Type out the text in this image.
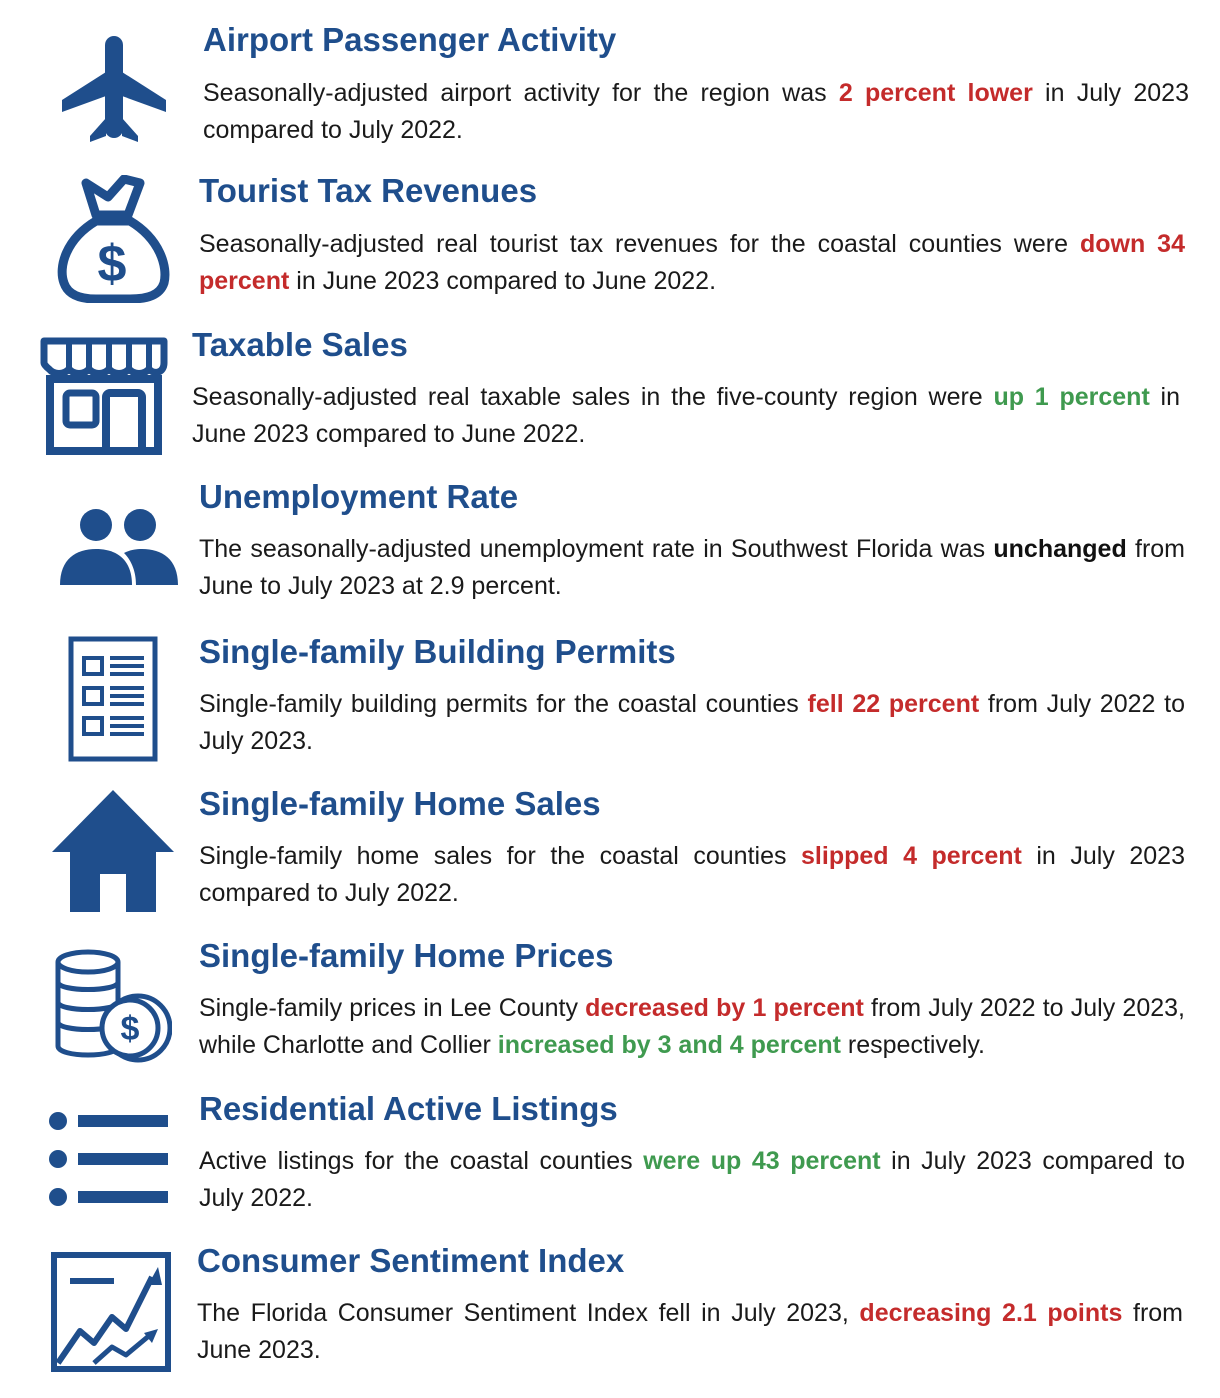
Airport Passenger Activity

Seasonally-adjusted airport activity for the region was 2 percent lower in July 2023 compared to July 2022.

$
Tourist Tax Revenues

Seasonally-adjusted real tourist tax revenues for the coastal counties were down 34 percent in June 2023 compared to June 2022.

Taxable Sales

Seasonally-adjusted real taxable sales in the five-county region were up 1 percent in June 2023 compared to June 2022.

Unemployment Rate

The seasonally-adjusted unemployment rate in Southwest Florida was unchanged from June to July 2023 at 2.9 percent.

Single-family Building Permits

Single-family building permits for the coastal counties fell 22 percent from July 2022 to July 2023.

Single-family Home Sales

Single-family home sales for the coastal counties slipped 4 percent in July 2023 compared to July 2022.

$
Single-family Home Prices

Single-family prices in Lee County decreased by 1 percent from July 2022 to July 2023, while Charlotte and Collier increased by 3 and 4 percent respectively.

Residential Active Listings

Active listings for the coastal counties were up 43 percent in July 2023 compared to July 2022.

Consumer Sentiment Index

The Florida Consumer Sentiment Index fell in July 2023, decreasing 2.1 points from June 2023.
